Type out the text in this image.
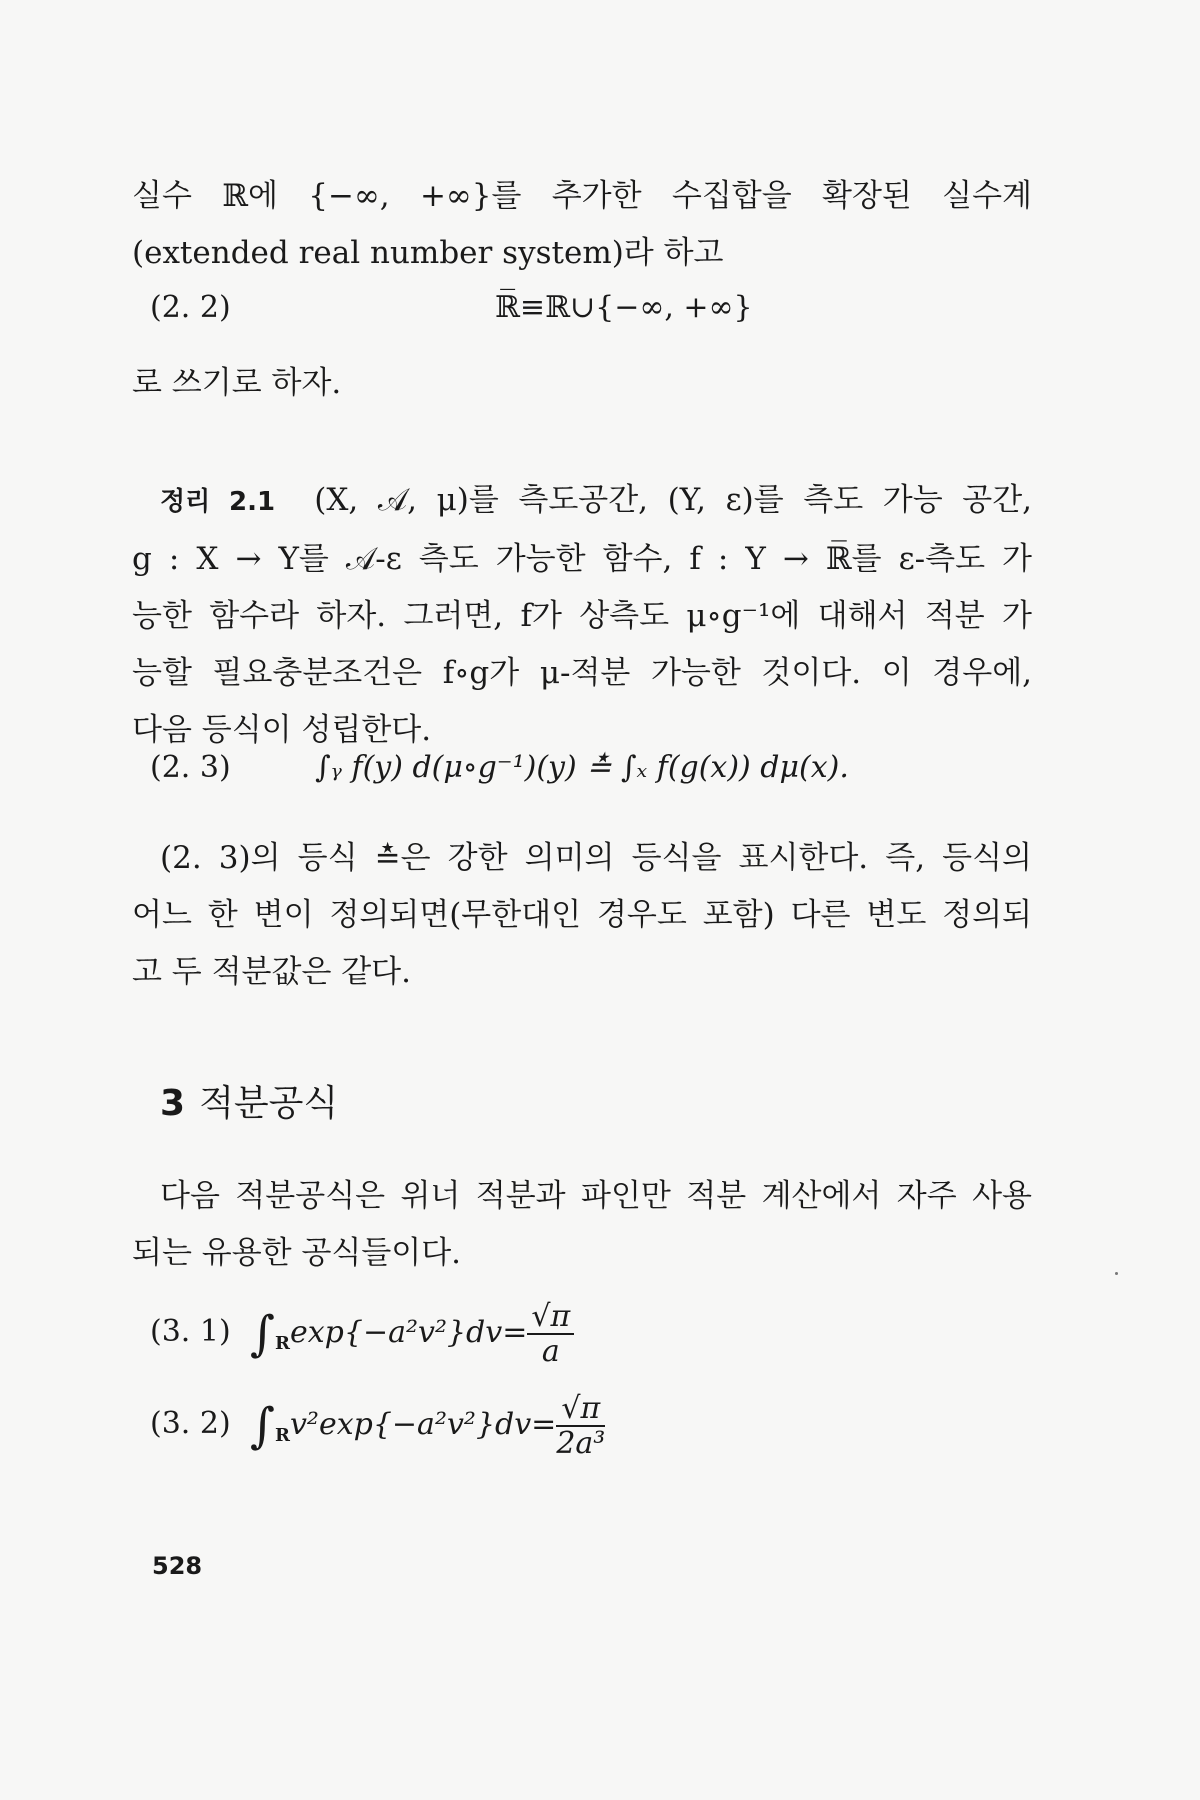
실수 ℝ에 {−∞, +∞}를 추가한 수집합을 확장된 실수계
(extended real number system)라 하고
(2. 2)	ℝ̅≡ℝ∪{−∞, +∞}
로 쓰기로 하자.
정리 2.1 (X, 𝒜, μ)를 측도공간, (Y, ε)를 측도 가능 공간,
g : X → Y를 𝒜-ε 측도 가능한 함수, f : Y → ℝ̅를 ε-측도 가
능한 함수라 하자. 그러면, f가 상측도 μ∘g⁻¹에 대해서 적분 가
능할 필요충분조건은 f∘g가 μ-적분 가능한 것이다. 이 경우에,
다음 등식이 성립한다.
(2. 3)	∫ᵧ f(y) d(μ∘g⁻¹)(y) ≛ ∫ₓ f(g(x)) dμ(x).
(2. 3)의 등식 ≛은 강한 의미의 등식을 표시한다. 즉, 등식의
어느 한 변이 정의되면(무한대인 경우도 포함) 다른 변도 정의되
고 두 적분값은 같다.
3 적분공식
다음 적분공식은 위너 적분과 파인만 적분 계산에서 자주 사용
되는 유용한 공식들이다.
(3. 1) $\int_R\exp\{-a^2v^2\}dv= \frac{√\pi}{a}$
(3. 2) $\int_Rv^2\exp\{-a^2v^2\}dv= \frac{√\pi}{\text{2a³}}$
528
